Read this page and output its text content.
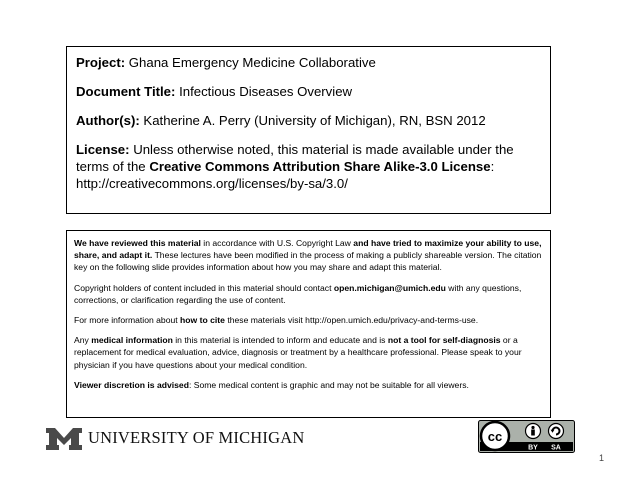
Project: Ghana Emergency Medicine Collaborative

Document Title: Infectious Diseases Overview

Author(s): Katherine A. Perry (University of Michigan), RN, BSN 2012

License: Unless otherwise noted, this material is made available under the terms of the Creative Commons Attribution Share Alike-3.0 License:
http://creativecommons.org/licenses/by-sa/3.0/

We have reviewed this material in accordance with U.S. Copyright Law and have tried to maximize your ability to use, share, and adapt it. These lectures have been modified in the process of making a publicly shareable version. The citation key on the following slide provides information about how you may share and adapt this material.

Copyright holders of content included in this material should contact open.michigan@umich.edu with any questions, corrections, or clarification regarding the use of content.

For more information about how to cite these materials visit http://open.umich.edu/privacy-and-terms-use.

Any medical information in this material is intended to inform and educate and is not a tool for self-diagnosis or a replacement for medical evaluation, advice, diagnosis or treatment by a healthcare professional. Please speak to your physician if you have questions about your medical condition.

Viewer discretion is advised: Some medical content is graphic and may not be suitable for all viewers.

UNIVERSITY OF MICHIGAN	cc
BY SA
1
